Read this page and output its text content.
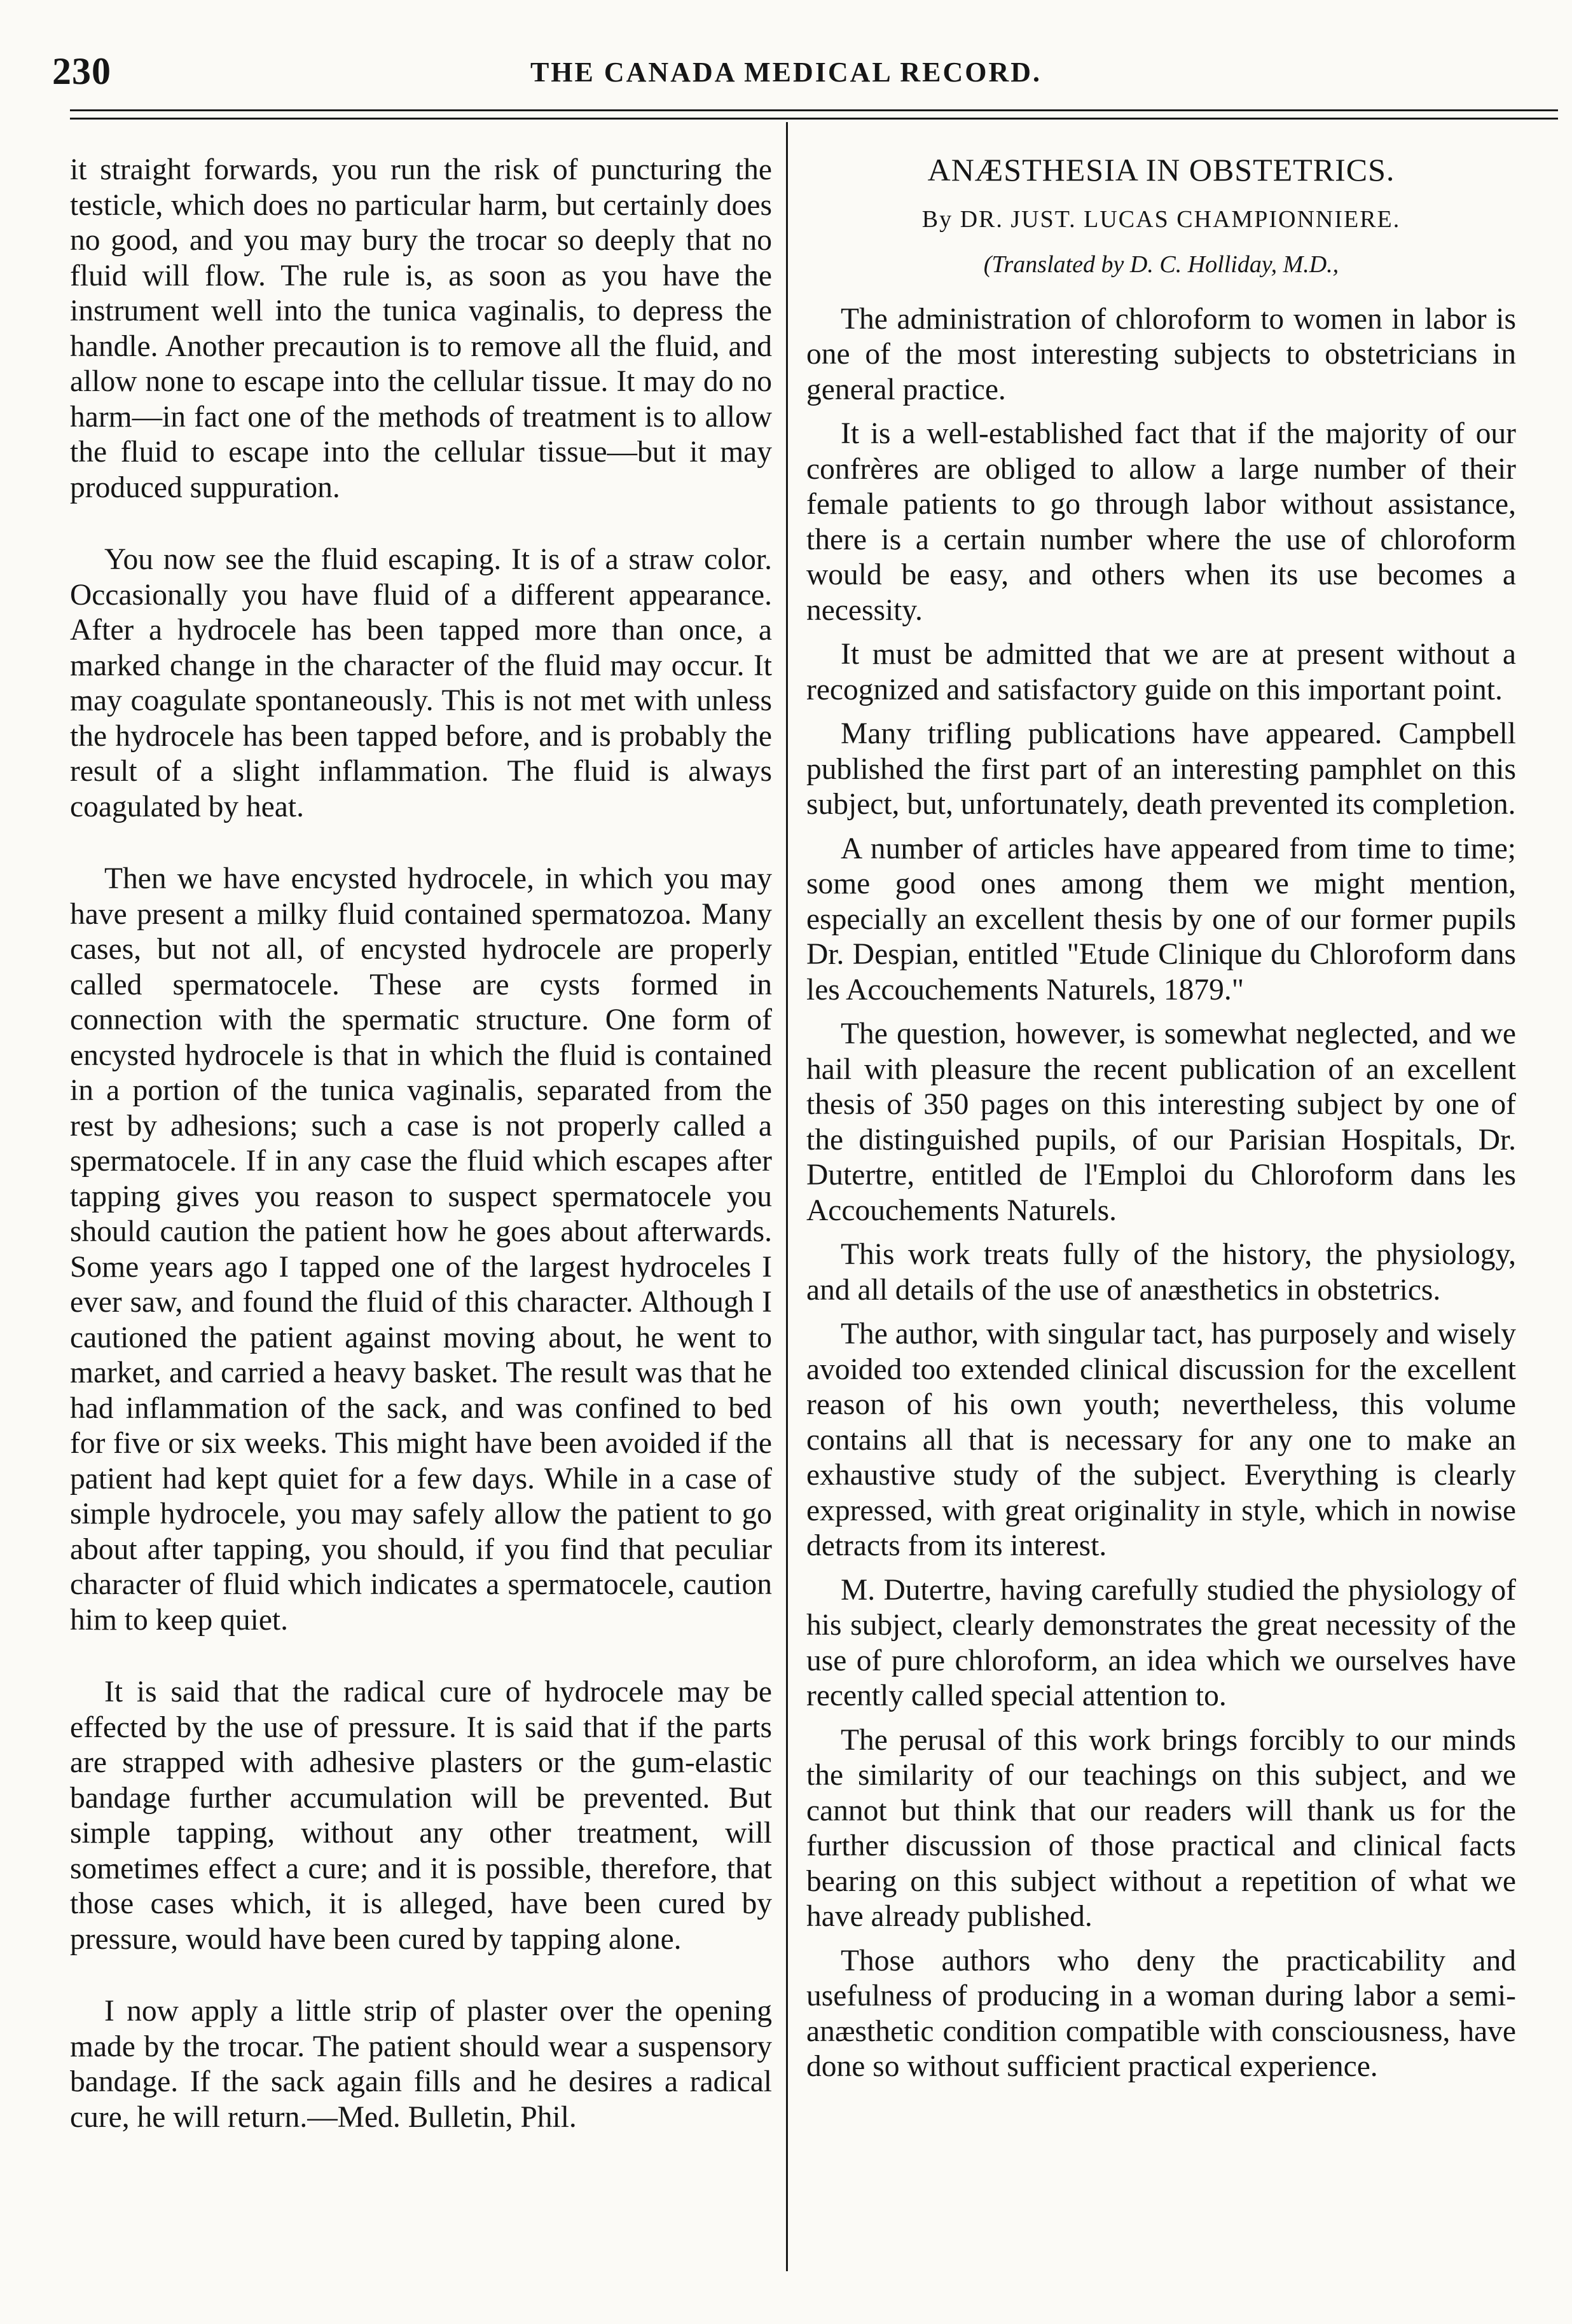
230	THE CANADA MEDICAL RECORD.

it straight forwards, you run the risk of puncturing the testicle, which does no particular harm, but certainly does no good, and you may bury the trocar so deeply that no fluid will flow. The rule is, as soon as you have the instrument well into the tunica vaginalis, to depress the handle. Another precaution is to remove all the fluid, and allow none to escape into the cellular tissue. It may do no harm—in fact one of the methods of treatment is to allow the fluid to escape into the cellular tissue—but it may produced suppuration.

You now see the fluid escaping. It is of a straw color. Occasionally you have fluid of a different appearance. After a hydrocele has been tapped more than once, a marked change in the character of the fluid may occur. It may coagulate spontaneously. This is not met with unless the hydrocele has been tapped before, and is probably the result of a slight inflammation. The fluid is always coagulated by heat.

Then we have encysted hydrocele, in which you may have present a milky fluid contained spermatozoa. Many cases, but not all, of encysted hydrocele are properly called spermatocele. These are cysts formed in connection with the spermatic structure. One form of encysted hydrocele is that in which the fluid is contained in a portion of the tunica vaginalis, separated from the rest by adhesions; such a case is not properly called a spermatocele. If in any case the fluid which escapes after tapping gives you reason to suspect spermatocele you should caution the patient how he goes about afterwards. Some years ago I tapped one of the largest hydroceles I ever saw, and found the fluid of this character. Although I cautioned the patient against moving about, he went to market, and carried a heavy basket. The result was that he had inflammation of the sack, and was confined to bed for five or six weeks. This might have been avoided if the patient had kept quiet for a few days. While in a case of simple hydrocele, you may safely allow the patient to go about after tapping, you should, if you find that peculiar character of fluid which indicates a spermatocele, caution him to keep quiet.

It is said that the radical cure of hydrocele may be effected by the use of pressure. It is said that if the parts are strapped with adhesive plasters or the gum-elastic bandage further accumulation will be prevented. But simple tapping, without any other treatment, will sometimes effect a cure; and it is possible, therefore, that those cases which, it is alleged, have been cured by pressure, would have been cured by tapping alone.

I now apply a little strip of plaster over the opening made by the trocar. The patient should wear a suspensory bandage. If the sack again fills and he desires a radical cure, he will return.—Med. Bulletin, Phil.

ANÆSTHESIA IN OBSTETRICS.
By DR. JUST. LUCAS CHAMPIONNIERE.
(Translated by D. C. Holliday, M.D.,

The administration of chloroform to women in labor is one of the most interesting subjects to obstetricians in general practice.

It is a well-established fact that if the majority of our confrères are obliged to allow a large number of their female patients to go through labor without assistance, there is a certain number where the use of chloroform would be easy, and others when its use becomes a necessity.

It must be admitted that we are at present without a recognized and satisfactory guide on this important point.

Many trifling publications have appeared. Campbell published the first part of an interesting pamphlet on this subject, but, unfortunately, death prevented its completion.

A number of articles have appeared from time to time; some good ones among them we might mention, especially an excellent thesis by one of our former pupils Dr. Despian, entitled "Etude Clinique du Chloroform dans les Accouchements Naturels, 1879."

The question, however, is somewhat neglected, and we hail with pleasure the recent publication of an excellent thesis of 350 pages on this interesting subject by one of the distinguished pupils, of our Parisian Hospitals, Dr. Dutertre, entitled de l'Emploi du Chloroform dans les Accouchements Naturels.

This work treats fully of the history, the physiology, and all details of the use of anæsthetics in obstetrics.

The author, with singular tact, has purposely and wisely avoided too extended clinical discussion for the excellent reason of his own youth; nevertheless, this volume contains all that is necessary for any one to make an exhaustive study of the subject. Everything is clearly expressed, with great originality in style, which in nowise detracts from its interest.

M. Dutertre, having carefully studied the physiology of his subject, clearly demonstrates the great necessity of the use of pure chloroform, an idea which we ourselves have recently called special attention to.

The perusal of this work brings forcibly to our minds the similarity of our teachings on this subject, and we cannot but think that our readers will thank us for the further discussion of those practical and clinical facts bearing on this subject without a repetition of what we have already published.

Those authors who deny the practicability and usefulness of producing in a woman during labor a semi-anæsthetic condition compatible with consciousness, have done so without sufficient practical experience.
